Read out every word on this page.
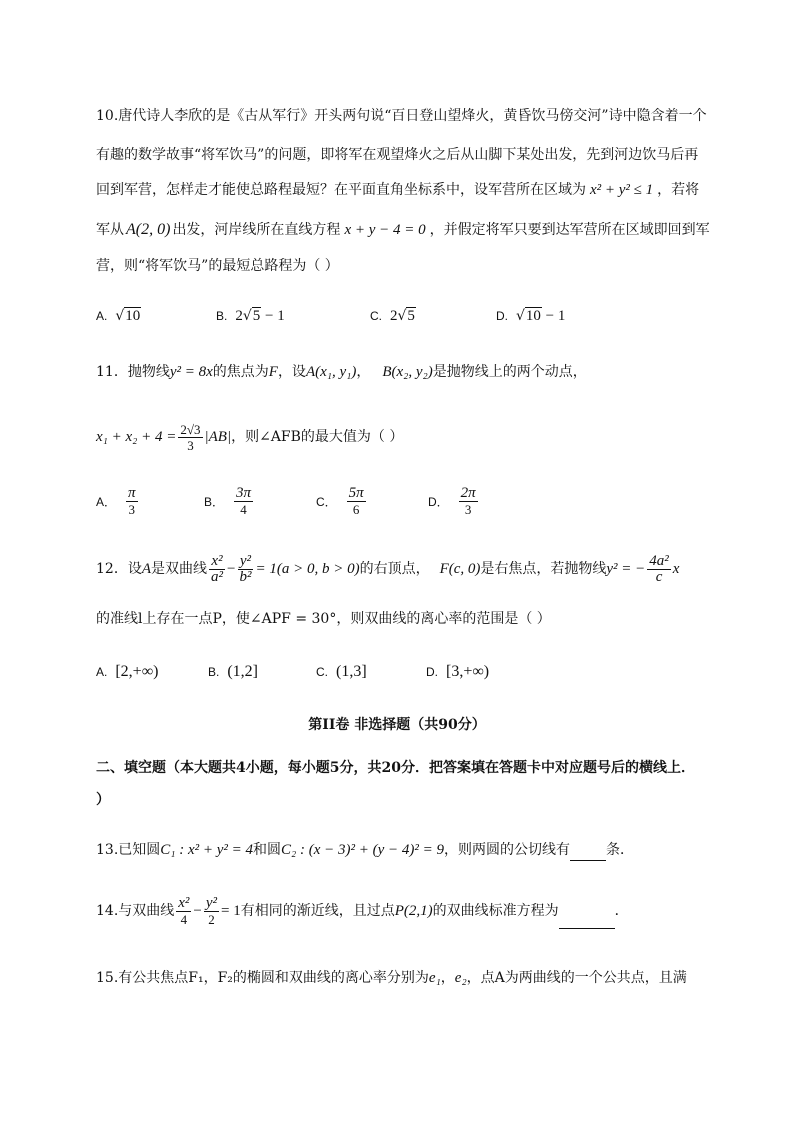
10.唐代诗人李欣的是《古从军行》开头两句说“百日登山望烽火，黄昏饮马傍交河”诗中隐含着一个
有趣的数学故事“将军饮马”的问题，即将军在观望烽火之后从山脚下某处出发，先到河边饮马后再
回到军营，怎样走才能使总路程最短？在平面直角坐标系中，设军营所在区域为 x² + y² ≤ 1 ，若将
军从 A(2, 0) 出发，河岸线所在直线方程 x + y − 4 = 0 ，并假定将军只要到达军营所在区域即回到军
营，则“将军饮马”的最短总路程为（ ）
A. √10	B. 2√5 − 1	C. 2√5	D. √10 − 1
11．抛物线y² = 8x的焦点为F，设A(x₁, y₁)， B(x₂, y₂)是抛物线上的两个动点，
$x_1 + x_2 + 4 = \frac{2√3}{3} |AB|$，则∠AFB的最大值为（ ）
A． $\frac{\pi}{3}$	B． $\frac{3\pi}{4}$	C． $\frac{5\pi}{6}$	D． $\frac{2\pi}{3}$
12．设A是双曲线 $\frac{\text{x²}}{\text{a²}} - \frac{\text{y²}}{\text{b²}} = 1(a > 0$, b > 0)的右顶点， F(c, 0)是右焦点，若抛物线y² = − $\frac{\text{4a²}}{c}$ x
的准线l上存在一点P，使∠APF = 30°，则双曲线的离心率的范围是（ ）
A. [2,+∞)	B. (1,2]	C. (1,3]	D. [3,+∞)
第II卷 非选择题（共90分）
二、填空题（本大题共4小题，每小题5分，共20分．把答案填在答题卡中对应题号后的横线上．
）
13.已知圆C₁ : x² + y² = 4和圆C₂ : (x − 3)² + (y − 4)² = 9，则两圆的公切线有	条．
14.与双曲线 $\frac{\text{x²}}{4} - \frac{\text{y²}}{2} = 1$有相同的渐近线，且过点P(2,1)的双曲线标准方程为	．
15.有公共焦点F₁，F₂的椭圆和双曲线的离心率分别为e₁，e₂，点A为两曲线的一个公共点，且满
